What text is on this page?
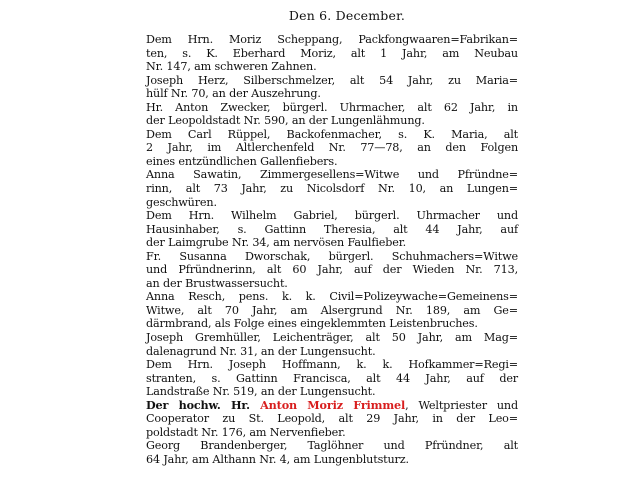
Den 6. December.
Dem Hrn. Moriz Scheppang, Packfongwaaren=Fabrikan=
ten, s. K. Eberhard Moriz, alt 1 Jahr, am Neubau
Nr. 147, am schweren Zahnen.
Joseph Herz, Silberschmelzer, alt 54 Jahr, zu Maria=
hülf Nr. 70, an der Auszehrung.
Hr. Anton Zwecker, bürgerl. Uhrmacher, alt 62 Jahr, in
der Leopoldstadt Nr. 590, an der Lungenlähmung.
Dem Carl Rüppel, Backofenmacher, s. K. Maria, alt
2 Jahr, im Altlerchenfeld Nr. 77—78, an den Folgen
eines entzündlichen Gallenfiebers.
Anna Sawatin, Zimmergesellens=Witwe und Pfründne=
rinn, alt 73 Jahr, zu Nicolsdorf Nr. 10, an Lungen=
geschwüren.
Dem Hrn. Wilhelm Gabriel, bürgerl. Uhrmacher und
Hausinhaber, s. Gattinn Theresia, alt 44 Jahr, auf
der Laimgrube Nr. 34, am nervösen Faulfieber.
Fr. Susanna Dworschak, bürgerl. Schuhmachers=Witwe
und Pfründnerinn, alt 60 Jahr, auf der Wieden Nr. 713,
an der Brustwassersucht.
Anna Resch, pens. k. k. Civil=Polizeywache=Gemeinens=
Witwe, alt 70 Jahr, am Alsergrund Nr. 189, am Ge=
därmbrand, als Folge eines eingeklemmten Leistenbruches.
Joseph Gremhüller, Leichenträger, alt 50 Jahr, am Mag=
dalenagrund Nr. 31, an der Lungensucht.
Dem Hrn. Joseph Hoffmann, k. k. Hofkammer=Regi=
stranten, s. Gattinn Francisca, alt 44 Jahr, auf der
Landstraße Nr. 519, an der Lungensucht.
Der hochw. Hr. Anton Moriz Frimmel, Weltpriester und
Cooperator zu St. Leopold, alt 29 Jahr, in der Leo=
poldstadt Nr. 176, am Nervenfieber.
Georg Brandenberger, Taglöhner und Pfründner, alt
64 Jahr, am Althann Nr. 4, am Lungenblutsturz.
